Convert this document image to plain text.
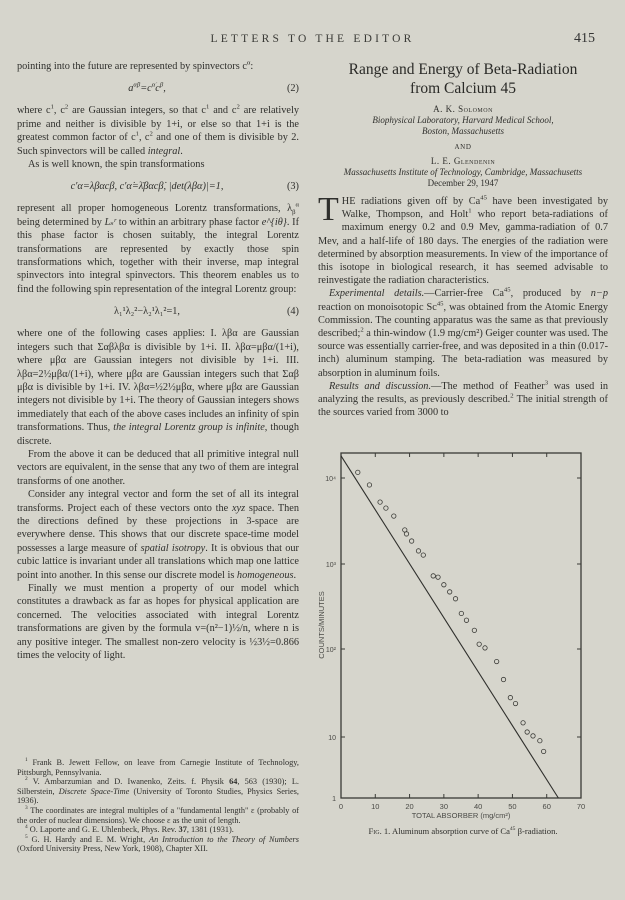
LETTERS TO THE EDITOR	415

pointing into the future are represented by spinvectors $c^\alpha$:

$a^{\alphȧ\beta}=c^{\alphȧ}c^\beta$,	(2)

where $c^1$, $c^2$ are Gaussian integers, so that $c^1$ and $c^2$ are relatively prime and neither is divisible by 1+i, or else so that 1+i is the greatest common factor of $c^1$, $c^2$ and one of them is divisible by 2. Such spinvectors will be called integral.

As is well known, the spin transformations

c′α=λβαcβ, c′α̇=λ̄βαcβ̇, |det(λβα)|=1,	(3)

represent all proper homogeneous Lorentz transformations, $\lambda_\beta^\alpha$ being determined by Lₛʳ to within an arbitrary phase factor e^{iθ}. If this phase factor is chosen suitably, the integral Lorentz transformations are represented by exactly those spin transformations which, together with their inverse, map integral spinvectors into integral spinvectors. This theorem enables us to find the following spin representation of the integral Lorentz group:

λ₁¹λ₂²−λ₂¹λ₁²=1,	(4)

where one of the following cases applies: I. λβα are Gaussian integers such that Σαβλβα is divisible by 1+i. II. λβα=μβα/(1+i), where μβα are Gaussian integers not divisible by 1+i. III. λβα=2½μβα/(1+i), where μβα are Gaussian integers such that Σαβ μβα is divisible by 1+i. IV. λβα=½2½μβα, where μβα are Gaussian integers not divisible by 1+i. The theory of Gaussian integers shows immediately that each of the above cases includes an infinity of spin transformations. Thus, the integral Lorentz group is infinite, though discrete.

From the above it can be deduced that all primitive integral null vectors are equivalent, in the sense that any two of them are integral transforms of one another.

Consider any integral vector and form the set of all its integral transforms. Project each of these vectors onto the xyz space. Then the directions defined by these projections in 3-space are everywhere dense. This shows that our discrete space-time model possesses a large measure of spatial isotropy. It is obvious that our cubic lattice is invariant under all translations which map one lattice point into another. In this sense our discrete model is homogeneous.

Finally we must mention a property of our model which constitutes a drawback as far as hopes for physical application are concerned. The velocities associated with integral Lorentz transformations are given by the formula v=(n²−1)½/n, where n is any positive integer. The smallest non-zero velocity is ½3½=0.866 times the velocity of light.

$^1$ Frank B. Jewett Fellow, on leave from Carnegie Institute of Technology, Pittsburgh, Pennsylvania.

$^2$ V. Ambarzumian and D. Iwanenko, Zeits. f. Physik 64, 563 (1930); L. Silberstein, Discrete Space-Time (University of Toronto Studies, Physics Series, 1936).

$^3$ The coordinates are integral multiples of a "fundamental length" ε (probably of the order of nuclear dimensions). We choose ε as the unit of length.

$^4$ O. Laporte and G. E. Uhlenbeck, Phys. Rev. 37, 1381 (1931).

$^5$ G. H. Hardy and E. M. Wright, An Introduction to the Theory of Numbers (Oxford University Press, New York, 1908), Chapter XII.

Range and Energy of Beta-Radiation
from Calcium 45
A. K. Solomon
Biophysical Laboratory, Harvard Medical School,
Boston, Massachusetts
AND
L. E. Glendenin
Massachusetts Institute of Technology, Cambridge, Massachusetts
December 29, 1947

THE radiations given off by Ca$^{45}$ have been investigated by Walke, Thompson, and Holt$^1$ who report beta-radiations of maximum energy 0.2 and 0.9 Mev, gamma-radiation of 0.7 Mev, and a half-life of 180 days. The energies of the radiation were determined by absorption measurements. In view of the importance of this isotope in biological research, it has seemed advisable to reinvestigate the radiation characteristics.

Experimental details.—Carrier-free Ca$^{45}$, produced by n−p reaction on monoisotopic Sc$^{45}$, was obtained from the Atomic Energy Commission. The counting apparatus was the same as that previously described;$^2$ a thin-window (1.9 mg/cm²) Geiger counter was used. The source was essentially carrier-free, and was deposited in a thin (0.017-inch) aluminum stamping. The beta-radiation was measured by absorption in aluminum foils.

Results and discussion.—The method of Feather$^3$ was used in analyzing the results, as previously described.$^2$ The initial strength of the sources varied from 3000 to

0	10	20	30	40	50	60	70
1
10
10²
10³
10⁴
TOTAL ABSORBER (mg/cm²)
COUNTS/MINUTES
Fig. 1. Aluminum absorption curve of Ca$^{45}$ β-radiation.
